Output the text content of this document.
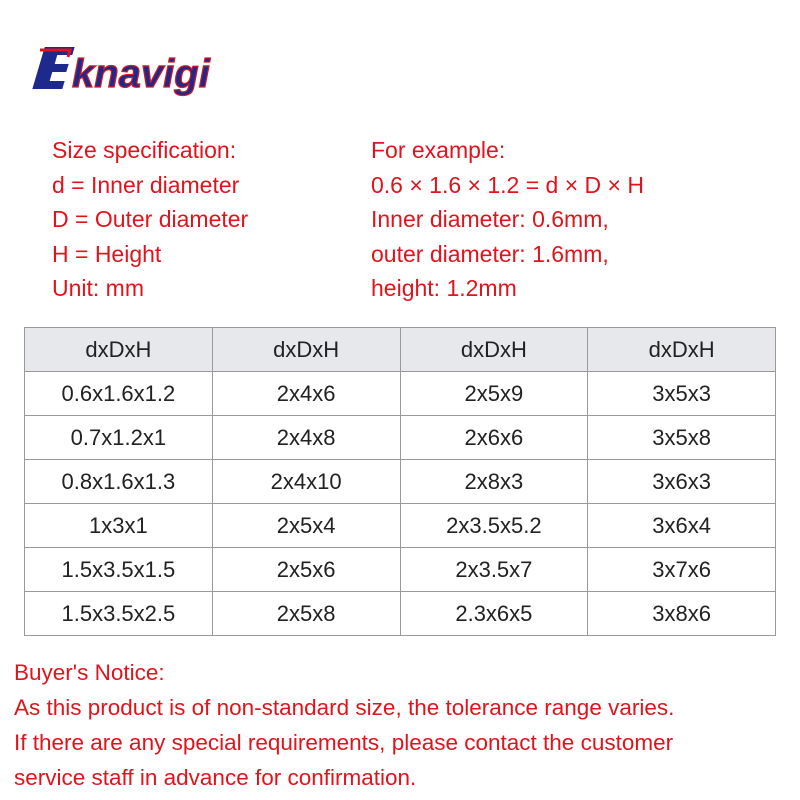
knavigi
Size specification:
d = Inner diameter
D = Outer diameter
H = Height
Unit: mm
For example:
0.6 × 1.6 × 1.2 = d × D × H
Inner diameter: 0.6mm,
outer diameter: 1.6mm,
height: 1.2mm
dxDxH	dxDxH	dxDxH	dxDxH
0.6x1.6x1.2	2x4x6	2x5x9	3x5x3
0.7x1.2x1	2x4x8	2x6x6	3x5x8
0.8x1.6x1.3	2x4x10	2x8x3	3x6x3
1x3x1	2x5x4	2x3.5x5.2	3x6x4
1.5x3.5x1.5	2x5x6	2x3.5x7	3x7x6
1.5x3.5x2.5	2x5x8	2.3x6x5	3x8x6
Buyer's Notice:
As this product is of non-standard size, the tolerance range varies.
If there are any special requirements, please contact the customer
service staff in advance for confirmation.
